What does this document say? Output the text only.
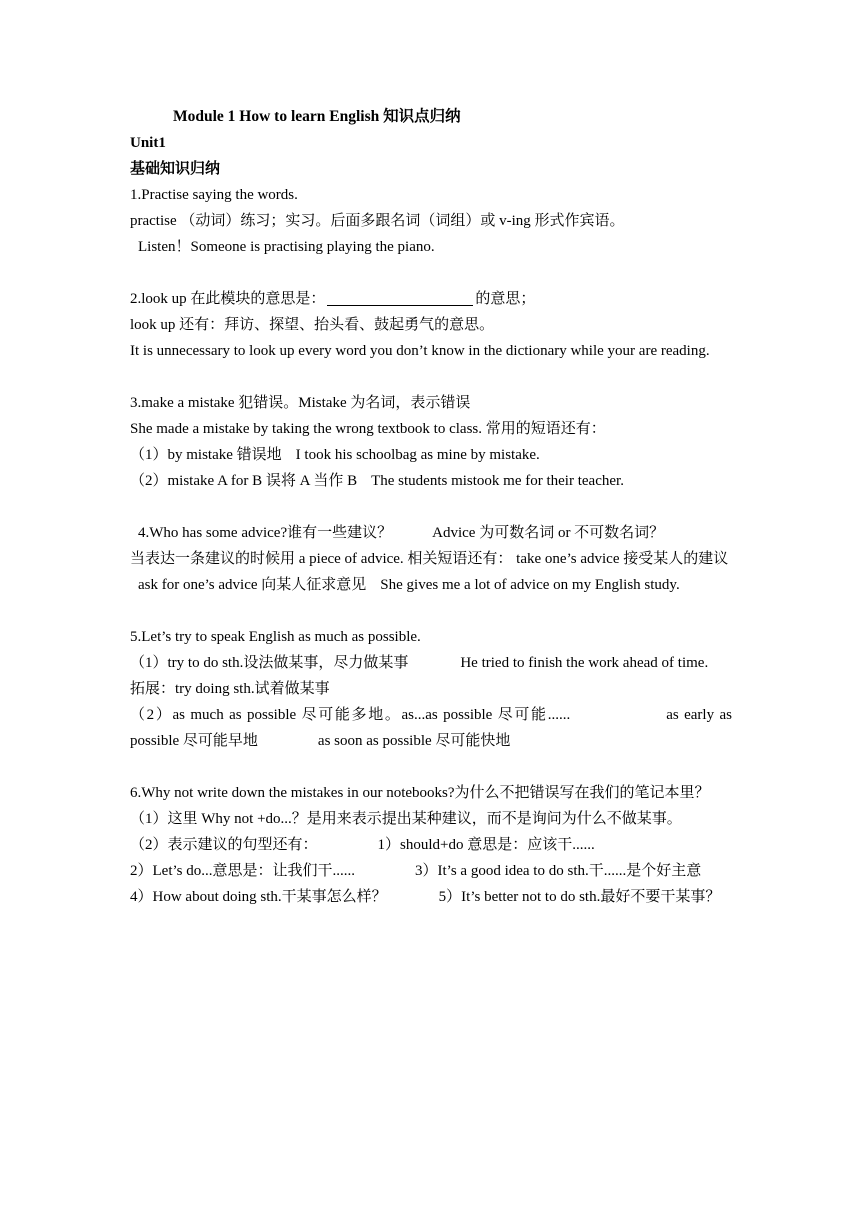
Module 1 How to learn English 知识点归纳
Unit1
基础知识归纳
1.Practise saying the words.
practise （动词）练习；实习。后面多跟名词（词组）或 v-ing 形式作宾语。
Listen！Someone is practising playing the piano.
2.look up 在此模块的意思是：	的意思；
look up 还有：拜访、探望、抬头看、鼓起勇气的意思。
It is unnecessary to look up every word you don’t know in the dictionary while your are reading.
3.make a mistake 犯错误。Mistake 为名词，表示错误
She made a mistake by taking the wrong textbook to class. 常用的短语还有：
（1）by mistake 错误地 I took his schoolbag as mine by mistake.
（2）mistake A for B 误将 A 当作 B The students mistook me for their teacher.
4.Who has some advice?谁有一些建议？	Advice 为可数名词 or 不可数名词？
当表达一条建议的时候用 a piece of advice. 相关短语还有： take one’s advice 接受某人的建议
ask for one’s advice 向某人征求意见 She gives me a lot of advice on my English study.
5.Let’s try to speak English as much as possible.
（1）try to do sth.设法做某事，尽力做某事	He tried to finish the work ahead of time.
拓展：try doing sth.试着做某事
（2）as much as possible 尽可能多地。as...as possible 尽可能......	as early as possible 尽可能早地	as soon as possible 尽可能快地
6.Why not write down the mistakes in our notebooks?为什么不把错误写在我们的笔记本里？
（1）这里 Why not +do...？是用来表示提出某种建议，而不是询问为什么不做某事。
（2）表示建议的句型还有：	1）should+do 意思是：应该干......
2）Let’s do...意思是：让我们干......	3）It’s a good idea to do sth.干......是个好主意
4）How about doing sth.干某事怎么样？	5）It’s better not to do sth.最好不要干某事？
